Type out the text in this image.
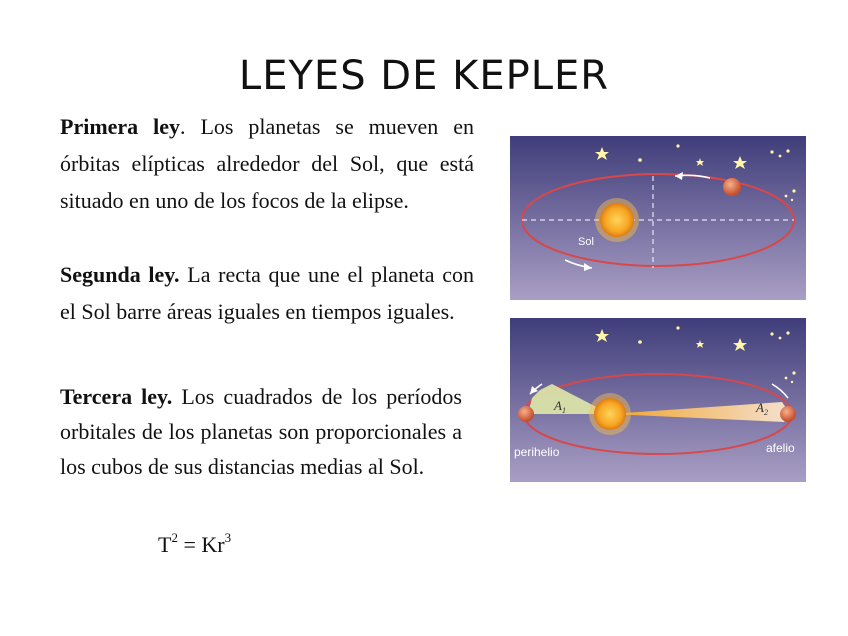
LEYES DE KEPLER

Primera ley. Los planetas se mueven en órbitas elípticas alrededor del Sol, que está situado en uno de los focos de la elipse.

Segunda ley. La recta que une el planeta con el Sol barre áreas iguales en tiempos iguales.

Tercera ley. Los cuadrados de los períodos orbitales de los planetas son proporcionales a los cubos de sus distancias medias al Sol.

$T^2 = Kr^3$
Sol
$A_1$	$A_2$
perihelio	afelio
